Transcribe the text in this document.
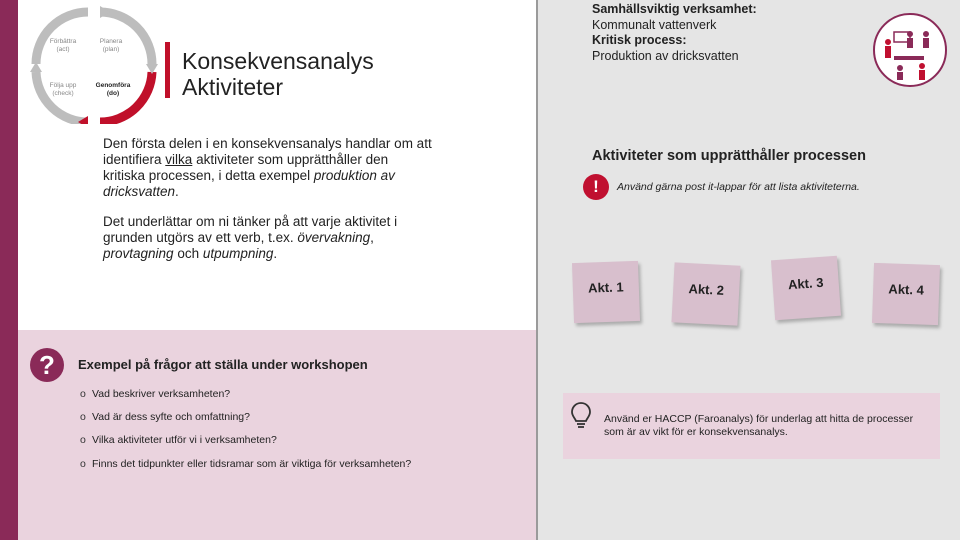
Förbättra
(act)
Planera
(plan)
Följa upp
(check)
Genomföra
(do)
Konsekvensanalys
Aktiviteter
Den första delen i en konsekvensanalys handlar om att identifiera vilka aktiviteter som upprätthåller den kritiska processen, i detta exempel produktion av dricksvatten.
Det underlättar om ni tänker på att varje aktivitet i grunden utgörs av ett verb, t.ex. övervakning, provtagning och utpumpning.
? Exempel på frågor att ställa under workshopen
o Vad beskriver verksamheten?
o Vad är dess syfte och omfattning?
o Vilka aktiviteter utför vi i verksamheten?
o Finns det tidpunkter eller tidsramar som är viktiga för verksamheten?
Samhällsviktig verksamhet:
Kommunalt vattenverk
Kritisk process:
Produktion av dricksvatten
Aktiviteter som upprätthåller processen
!	Använd gärna post it-lappar för att lista aktiviteterna.
Akt. 1	Akt. 2	Akt. 3	Akt. 4
Använd er HACCP (Faroanalys) för underlag att hitta de processer som är av vikt för er konsekvensanalys.
